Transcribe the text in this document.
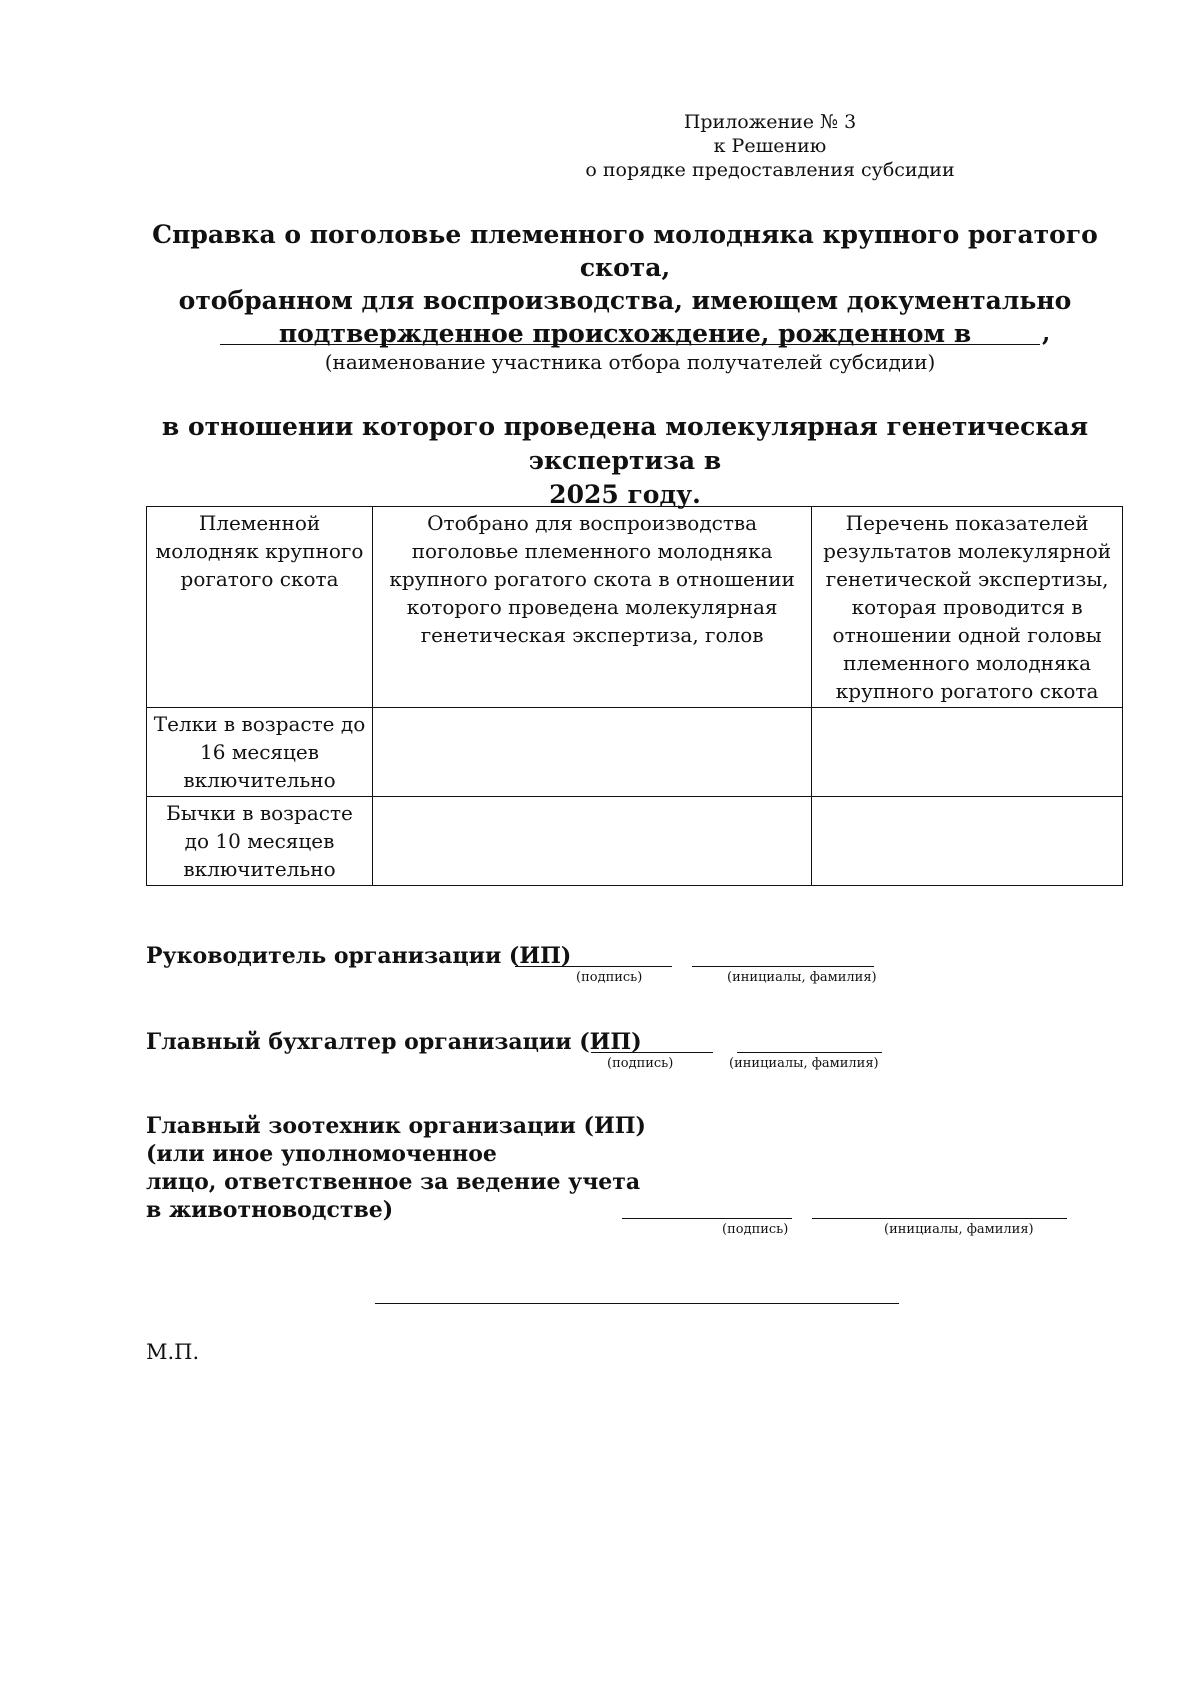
Приложение № 3
к Решению
о порядке предоставления субсидии
Справка о поголовье племенного молодняка крупного рогатого скота,
отобранном для воспроизводства, имеющем документально
подтвержденное происхождение, рожденном в	,
(наименование участника отбора получателей субсидии)
в отношении которого проведена молекулярная генетическая экспертиза в
2025 году.
Племенной молодняк крупного рогатого скота	Отобрано для воспроизводства поголовье племенного молодняка крупного рогатого скота в отношении которого проведена молекулярная генетическая экспертиза, голов	Перечень показателей результатов молекулярной генетической экспертизы, которая проводится в отношении одной головы племенного молодняка крупного рогатого скота
Телки в возрасте до 16 месяцев включительно		
Бычки в возрасте до 10 месяцев включительно		
Руководитель организации (ИП)
(подпись)	(инициалы, фамилия)
Главный бухгалтер организации (ИП)
(подпись)	(инициалы, фамилия)
Главный зоотехник организации (ИП)
(или иное уполномоченное
лицо, ответственное за ведение учета
в животноводстве)
(подпись)	(инициалы, фамилия)
М.П.
